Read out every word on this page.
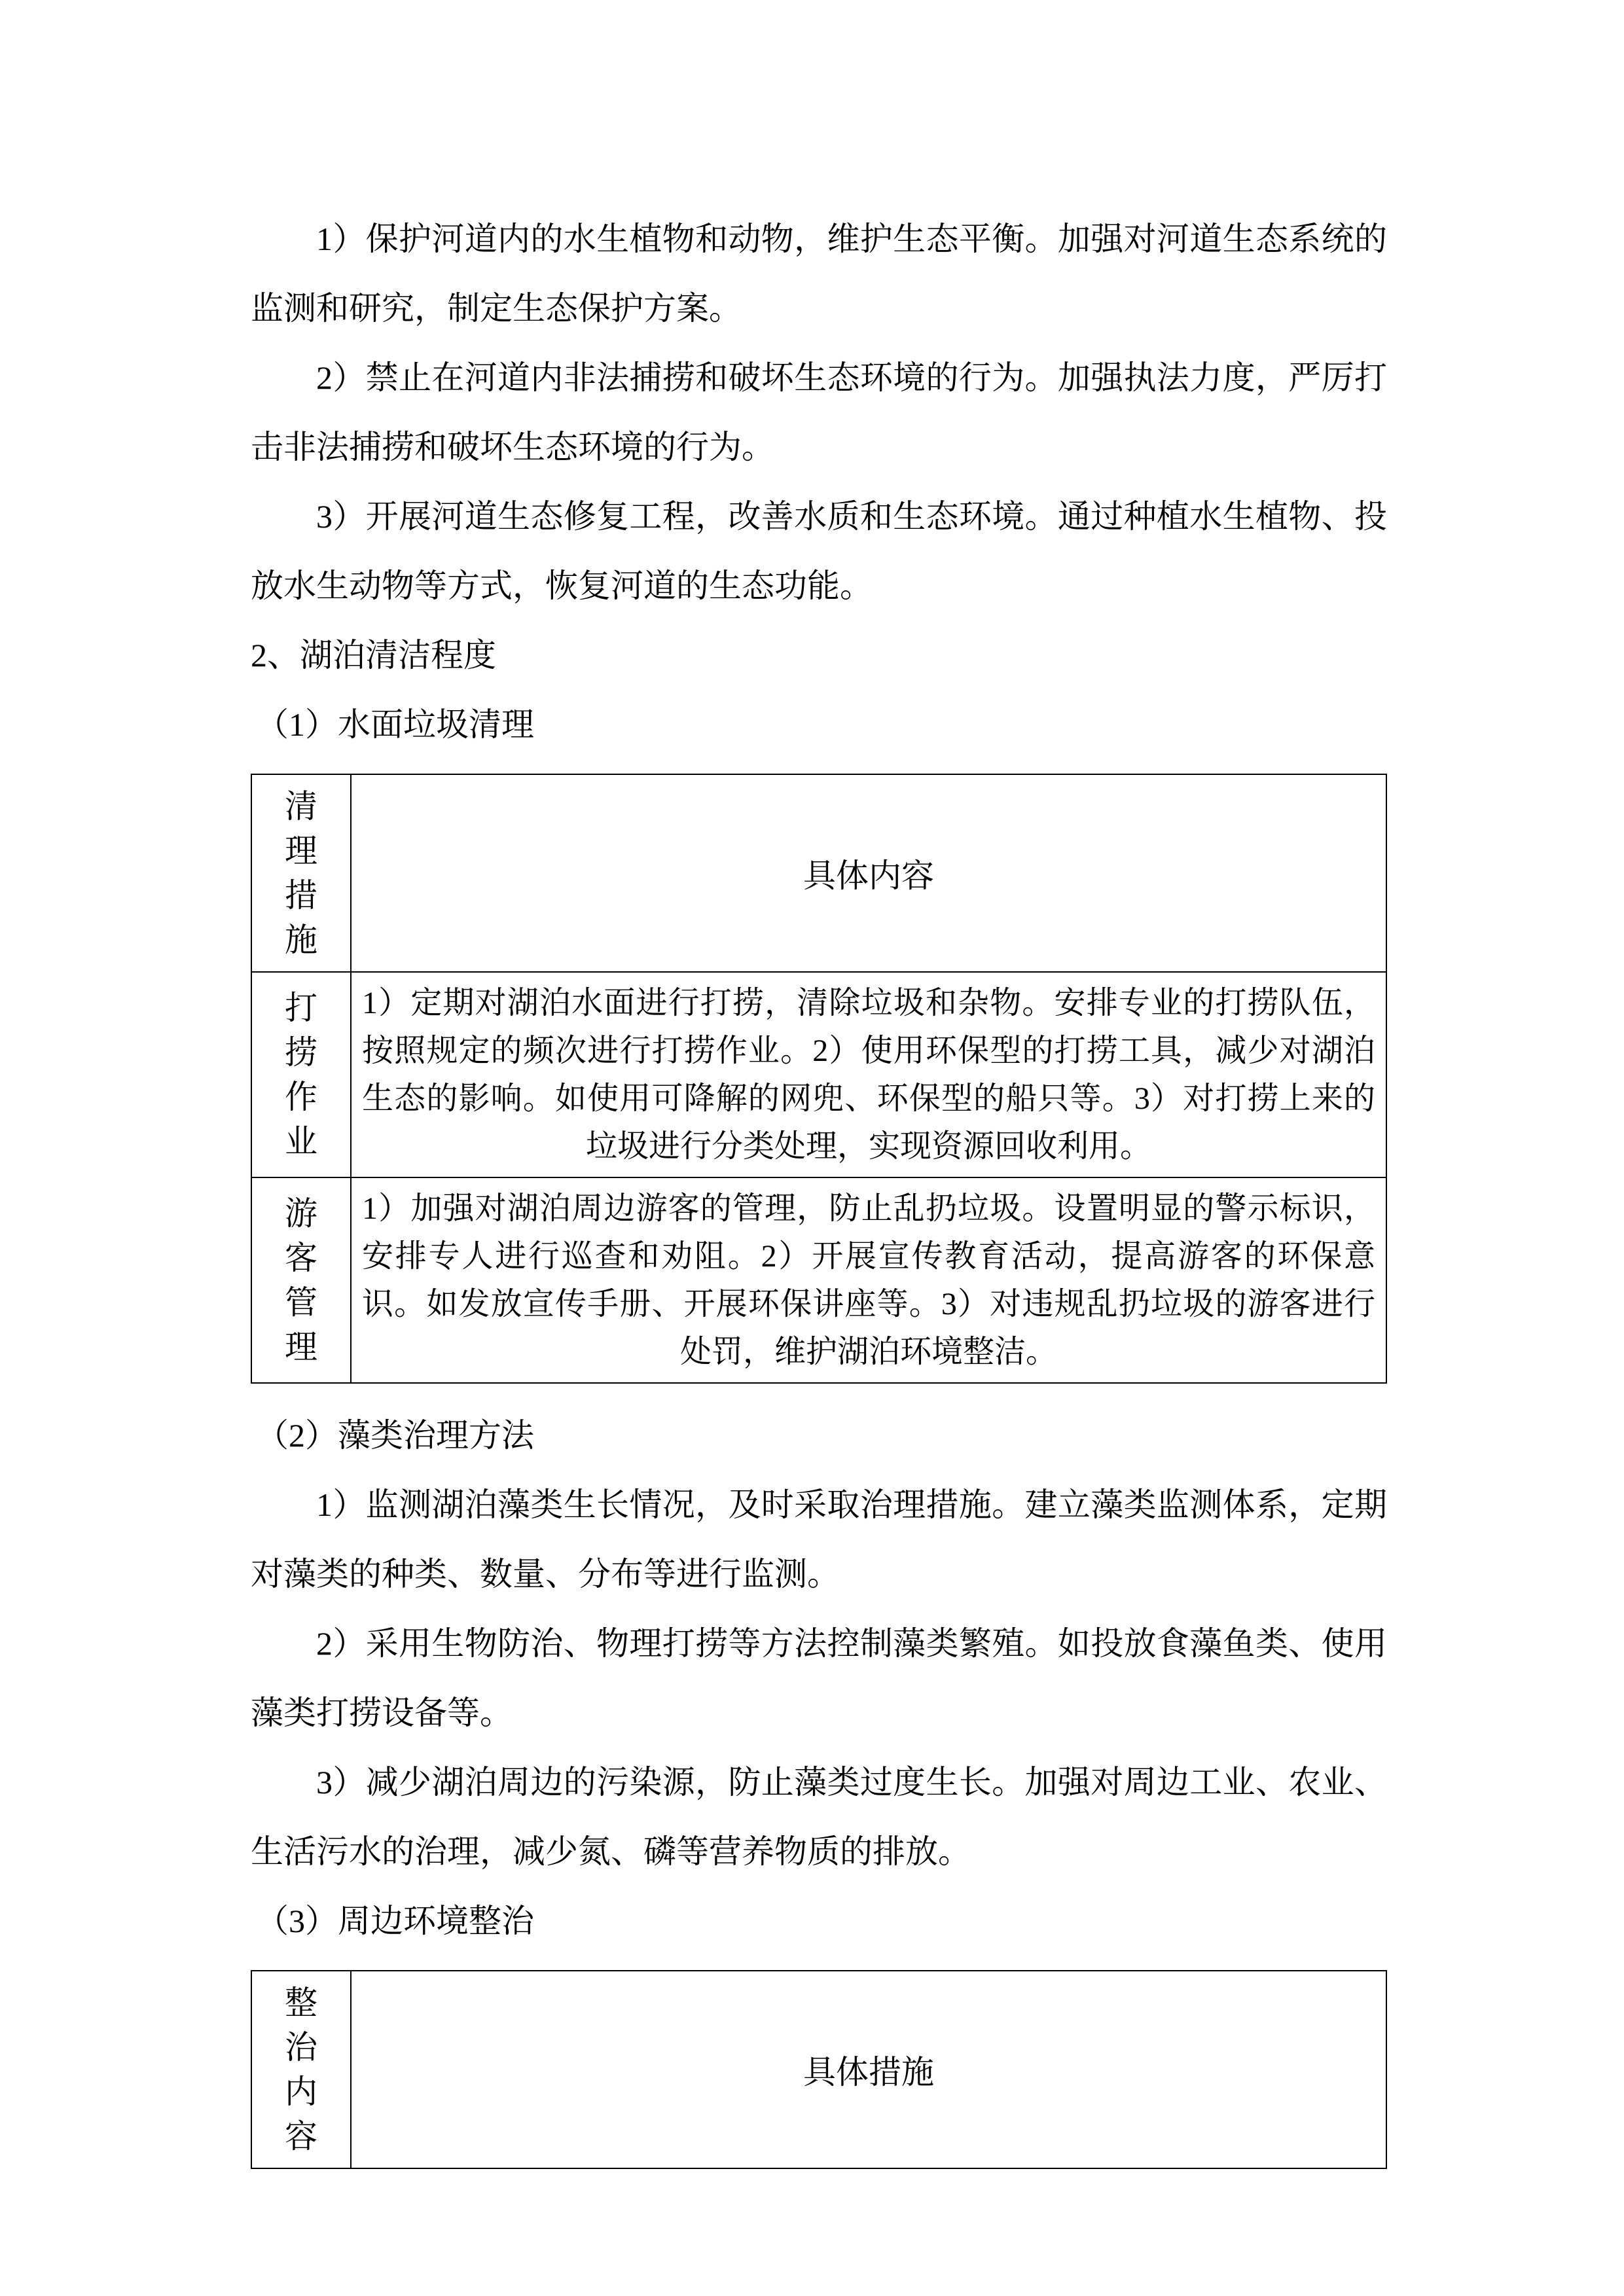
1）保护河道内的水生植物和动物，维护生态平衡。加强对河道生态系统的监测和研究，制定生态保护方案。

2）禁止在河道内非法捕捞和破坏生态环境的行为。加强执法力度，严厉打击非法捕捞和破坏生态环境的行为。

3）开展河道生态修复工程，改善水质和生态环境。通过种植水生植物、投放水生动物等方式，恢复河道的生态功能。

2、湖泊清洁程度
（1）水面垃圾清理
清理措施	具体内容
打捞作业	1）定期对湖泊水面进行打捞，清除垃圾和杂物。安排专业的打捞队伍，按照规定的频次进行打捞作业。2）使用环保型的打捞工具，减少对湖泊生态的影响。如使用可降解的网兜、环保型的船只等。3）对打捞上来的垃圾进行分类处理，实现资源回收利用。
游客管理	1）加强对湖泊周边游客的管理，防止乱扔垃圾。设置明显的警示标识，安排专人进行巡查和劝阻。2）开展宣传教育活动，提高游客的环保意识。如发放宣传手册、开展环保讲座等。3）对违规乱扔垃圾的游客进行处罚，维护湖泊环境整洁。
（2）藻类治理方法

1）监测湖泊藻类生长情况，及时采取治理措施。建立藻类监测体系，定期对藻类的种类、数量、分布等进行监测。

2）采用生物防治、物理打捞等方法控制藻类繁殖。如投放食藻鱼类、使用藻类打捞设备等。

3）减少湖泊周边的污染源，防止藻类过度生长。加强对周边工业、农业、生活污水的治理，减少氮、磷等营养物质的排放。

（3）周边环境整治
整治内容	具体措施
